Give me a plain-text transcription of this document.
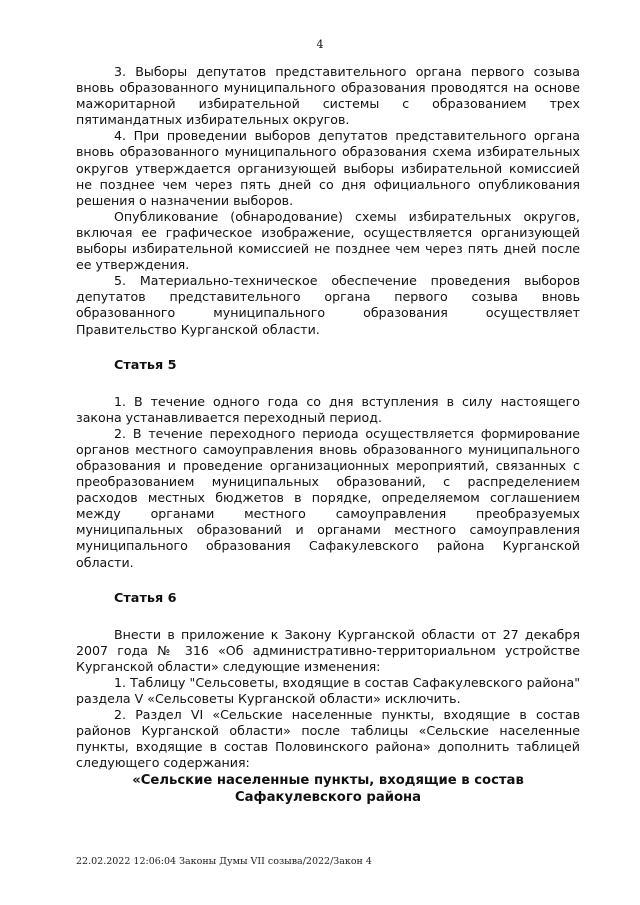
4

3. Выборы депутатов представительного органа первого созыва вновь образованного муниципального образования проводятся на основе мажоритарной избирательной системы с образованием трех пятимандатных избирательных округов.

4. При проведении выборов депутатов представительного органа вновь образованного муниципального образования схема избирательных округов утверждается организующей выборы избирательной комиссией не позднее чем через пять дней со дня официального опубликования решения о назначении выборов.

Опубликование (обнародование) схемы избирательных округов, включая ее графическое изображение, осуществляется организующей выборы избирательной комиссией не позднее чем через пять дней после ее утверждения.

5. Материально-техническое обеспечение проведения выборов депутатов представительного органа первого созыва вновь образованного муниципального образования осуществляет Правительство Курганской области.

Статья 5

1. В течение одного года со дня вступления в силу настоящего закона устанавливается переходный период.

2. В течение переходного периода осуществляется формирование органов местного самоуправления вновь образованного муниципального образования и проведение организационных мероприятий, связанных с преобразованием муниципальных образований, с распределением расходов местных бюджетов в порядке, определяемом соглашением между органами местного самоуправления преобразуемых муниципальных образований и органами местного самоуправления муниципального образования Сафакулевского района Курганской области.

Статья 6

Внести в приложение к Закону Курганской области от 27 декабря 2007 года № 316 «Об административно-территориальном устройстве Курганской области» следующие изменения:

1. Таблицу "Сельсоветы, входящие в состав Сафакулевского района" раздела V «Сельсоветы Курганской области» исключить.

2. Раздел VI «Сельские населенные пункты, входящие в состав районов Курганской области» после таблицы «Сельские населенные пункты, входящие в состав Половинского района» дополнить таблицей следующего содержания:

«Сельские населенные пункты, входящие в состав Сафакулевского района
22.02.2022 12:06:04 Законы Думы VII созыва/2022/Закон 4
